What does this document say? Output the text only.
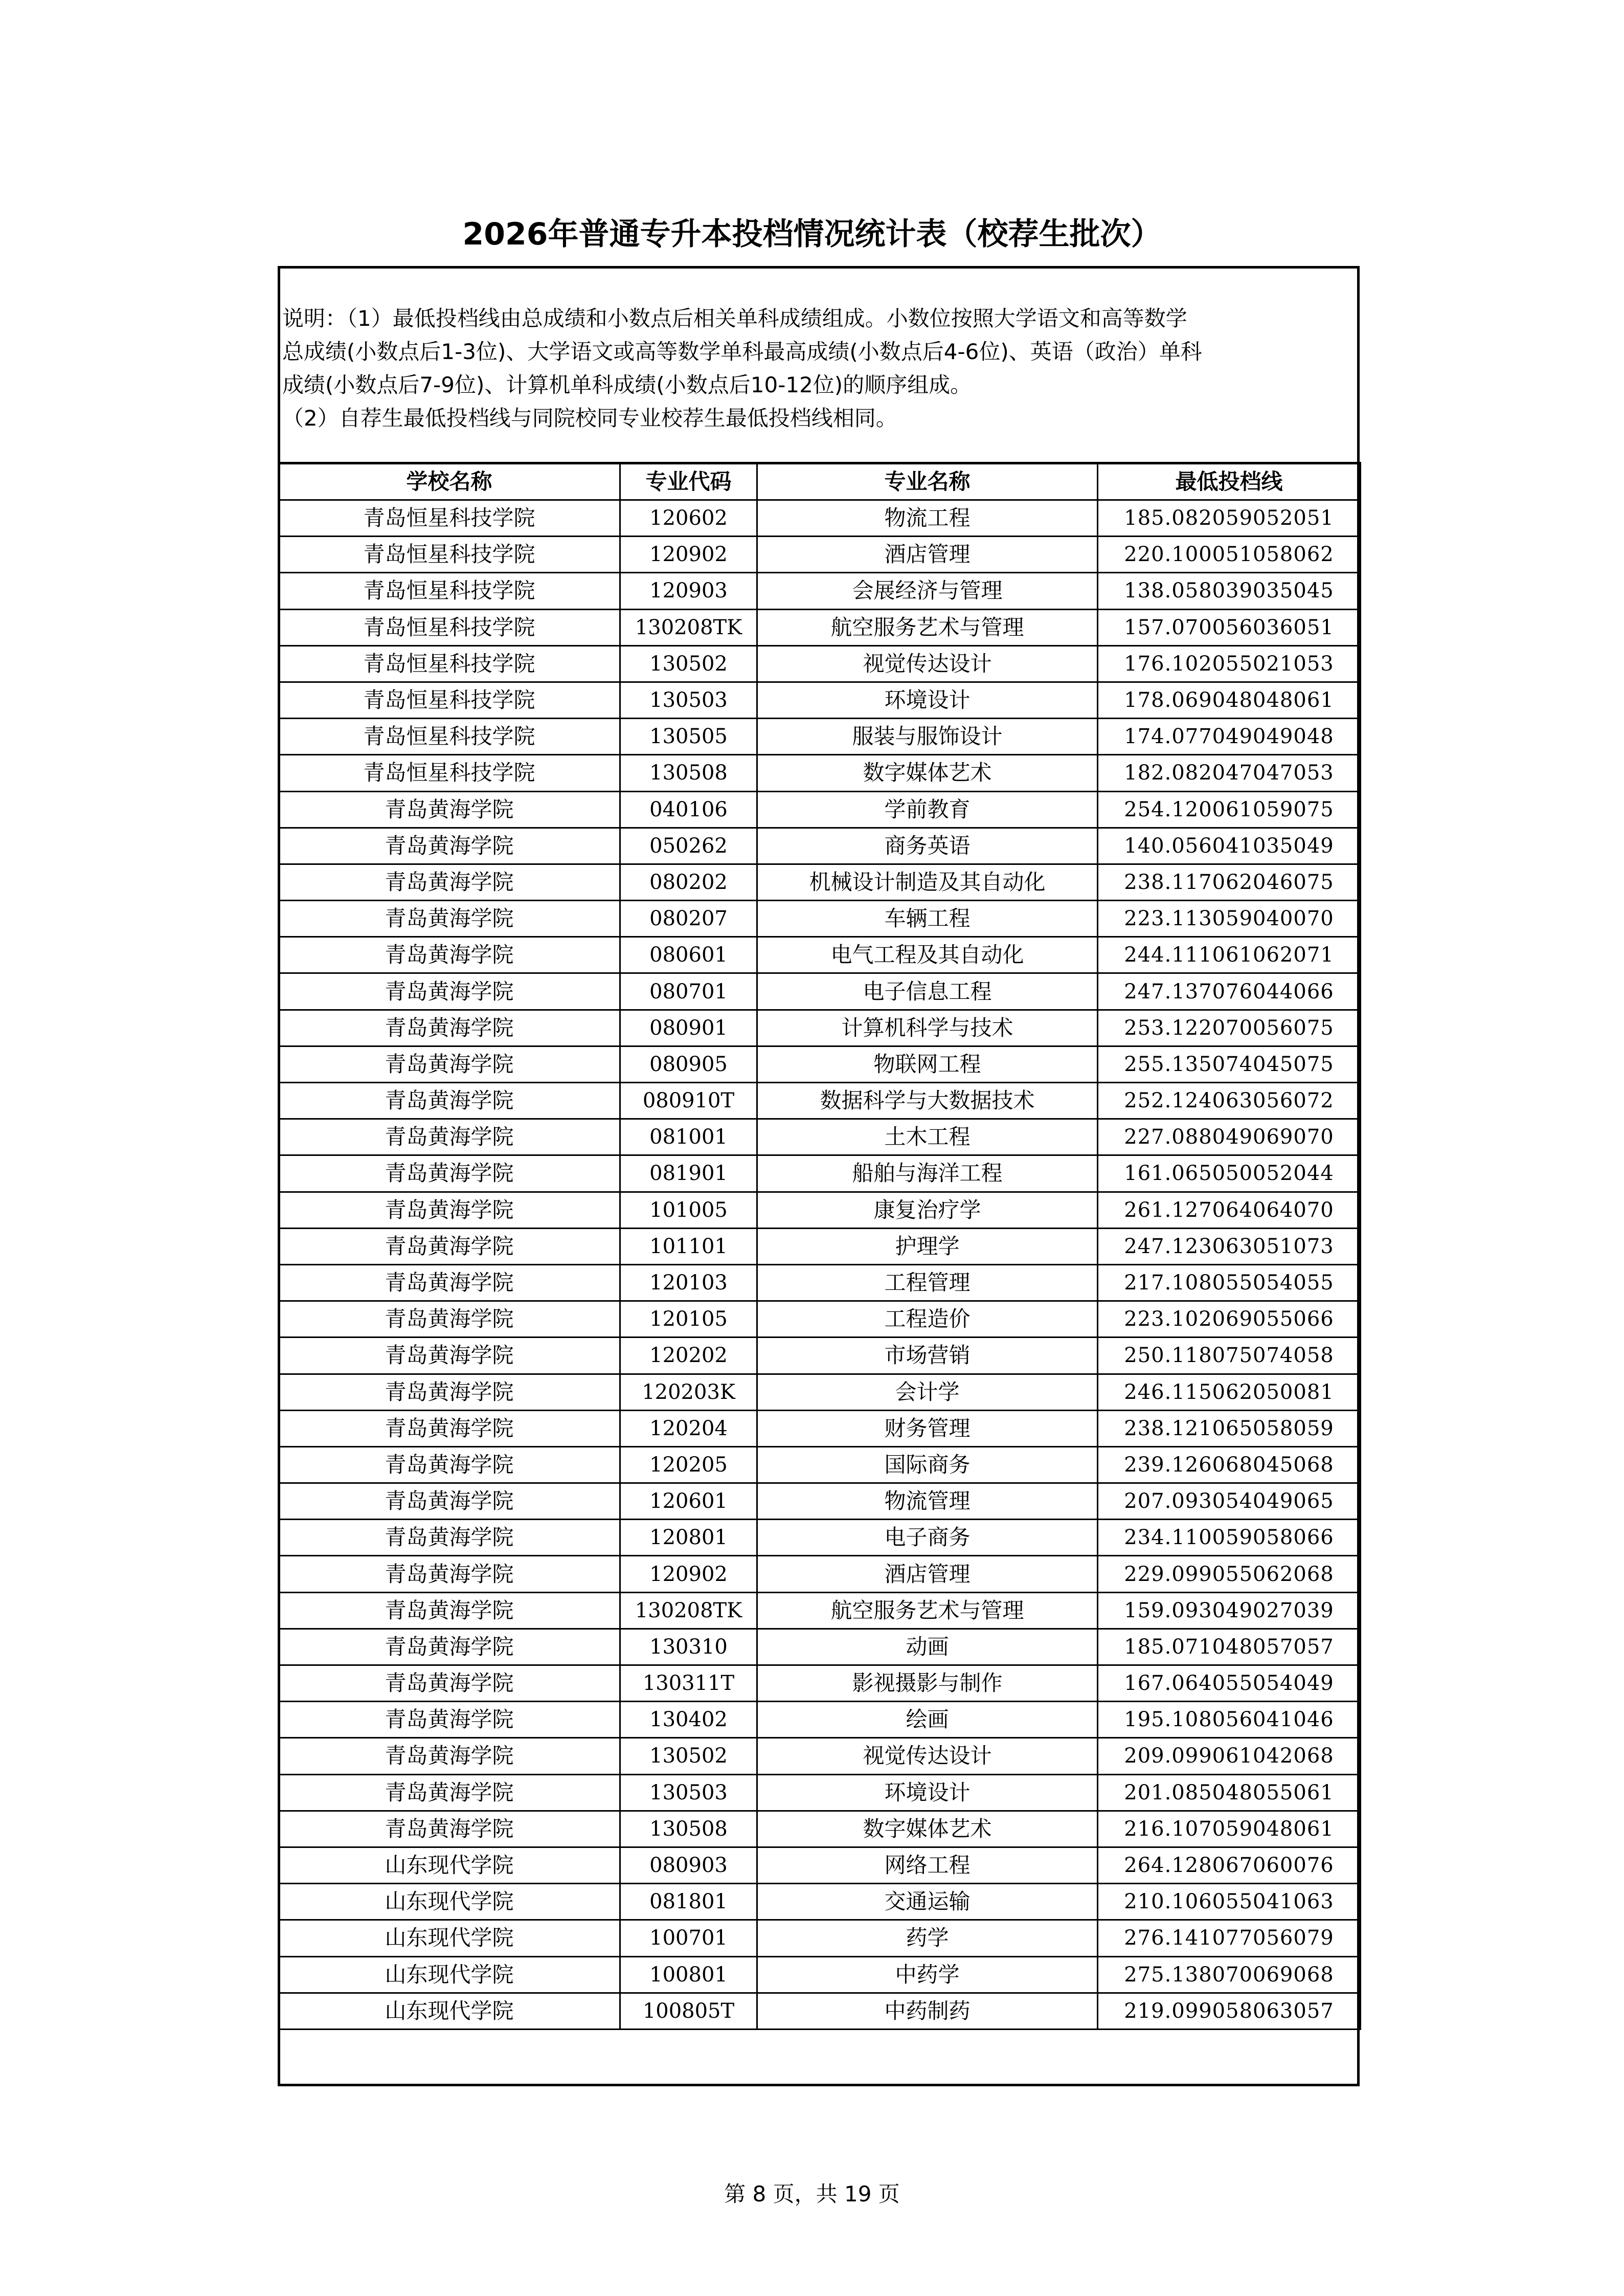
2026年普通专升本投档情况统计表（校荐生批次）

说明：（1）最低投档线由总成绩和小数点后相关单科成绩组成。小数位按照大学语文和高等数学

总成绩(小数点后1-3位)、大学语文或高等数学单科最高成绩(小数点后4-6位)、英语（政治）单科

成绩(小数点后7-9位)、计算机单科成绩(小数点后10-12位)的顺序组成。

（2）自荐生最低投档线与同院校同专业校荐生最低投档线相同。

学校名称	专业代码	专业名称	最低投档线
青岛恒星科技学院	120602	物流工程	185.082059052051
青岛恒星科技学院	120902	酒店管理	220.100051058062
青岛恒星科技学院	120903	会展经济与管理	138.058039035045
青岛恒星科技学院	130208TK	航空服务艺术与管理	157.070056036051
青岛恒星科技学院	130502	视觉传达设计	176.102055021053
青岛恒星科技学院	130503	环境设计	178.069048048061
青岛恒星科技学院	130505	服装与服饰设计	174.077049049048
青岛恒星科技学院	130508	数字媒体艺术	182.082047047053
青岛黄海学院	040106	学前教育	254.120061059075
青岛黄海学院	050262	商务英语	140.056041035049
青岛黄海学院	080202	机械设计制造及其自动化	238.117062046075
青岛黄海学院	080207	车辆工程	223.113059040070
青岛黄海学院	080601	电气工程及其自动化	244.111061062071
青岛黄海学院	080701	电子信息工程	247.137076044066
青岛黄海学院	080901	计算机科学与技术	253.122070056075
青岛黄海学院	080905	物联网工程	255.135074045075
青岛黄海学院	080910T	数据科学与大数据技术	252.124063056072
青岛黄海学院	081001	土木工程	227.088049069070
青岛黄海学院	081901	船舶与海洋工程	161.065050052044
青岛黄海学院	101005	康复治疗学	261.127064064070
青岛黄海学院	101101	护理学	247.123063051073
青岛黄海学院	120103	工程管理	217.108055054055
青岛黄海学院	120105	工程造价	223.102069055066
青岛黄海学院	120202	市场营销	250.118075074058
青岛黄海学院	120203K	会计学	246.115062050081
青岛黄海学院	120204	财务管理	238.121065058059
青岛黄海学院	120205	国际商务	239.126068045068
青岛黄海学院	120601	物流管理	207.093054049065
青岛黄海学院	120801	电子商务	234.110059058066
青岛黄海学院	120902	酒店管理	229.099055062068
青岛黄海学院	130208TK	航空服务艺术与管理	159.093049027039
青岛黄海学院	130310	动画	185.071048057057
青岛黄海学院	130311T	影视摄影与制作	167.064055054049
青岛黄海学院	130402	绘画	195.108056041046
青岛黄海学院	130502	视觉传达设计	209.099061042068
青岛黄海学院	130503	环境设计	201.085048055061
青岛黄海学院	130508	数字媒体艺术	216.107059048061
山东现代学院	080903	网络工程	264.128067060076
山东现代学院	081801	交通运输	210.106055041063
山东现代学院	100701	药学	276.141077056079
山东现代学院	100801	中药学	275.138070069068
山东现代学院	100805T	中药制药	219.099058063057
第 8 页，共 19 页
